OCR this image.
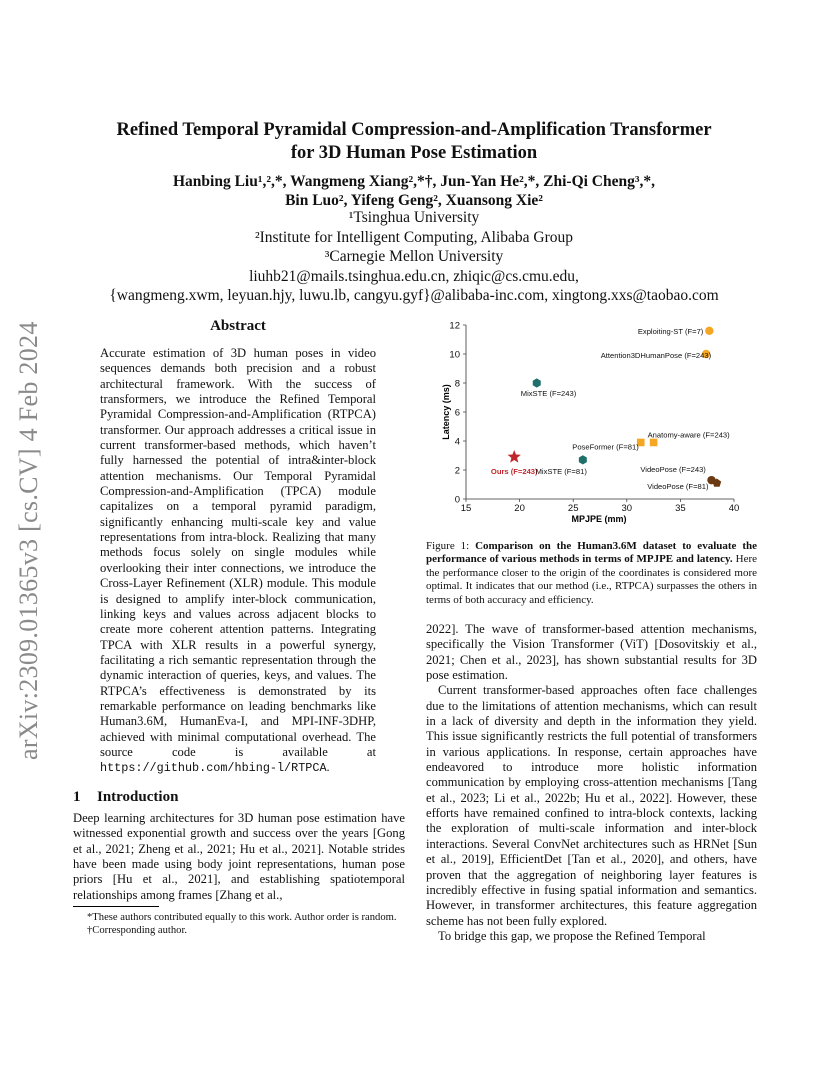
arXiv:2309.01365v3 [cs.CV] 4 Feb 2024
Refined Temporal Pyramidal Compression-and-Amplification Transformer
for 3D Human Pose Estimation
Hanbing Liu¹,²,*, Wangmeng Xiang²,*†, Jun-Yan He²,*, Zhi-Qi Cheng³,*,
Bin Luo², Yifeng Geng², Xuansong Xie²
¹Tsinghua University
²Institute for Intelligent Computing, Alibaba Group
³Carnegie Mellon University
liuhb21@mails.tsinghua.edu.cn, zhiqic@cs.cmu.edu,
{wangmeng.xwm, leyuan.hjy, luwu.lb, cangyu.gyf}@alibaba-inc.com, xingtong.xxs@taobao.com
Abstract
Accurate estimation of 3D human poses in video sequences demands both precision and a robust architectural framework. With the success of transformers, we introduce the Refined Temporal Pyramidal Compression-and-Amplification (RTPCA) transformer. Our approach addresses a critical issue in current transformer-based methods, which haven’t fully harnessed the potential of intra&inter-block attention mechanisms. Our Temporal Pyramidal Compression-and-Amplification (TPCA) module capitalizes on a temporal pyramid paradigm, significantly enhancing multi-scale key and value representations from intra-block. Realizing that many methods focus solely on single modules while overlooking their inter connections, we introduce the Cross-Layer Refinement (XLR) module. This module is designed to amplify inter-block communication, linking keys and values across adjacent blocks to create more coherent attention patterns. Integrating TPCA with XLR results in a powerful synergy, facilitating a rich semantic representation through the dynamic interaction of queries, keys, and values. The RTPCA’s effectiveness is demonstrated by its remarkable performance on leading benchmarks like Human3.6M, HumanEva-I, and MPI-INF-3DHP, achieved with minimal computational overhead. The source code is available at https://github.com/hbing-l/RTPCA.
1 Introduction
Deep learning architectures for 3D human pose estimation have witnessed exponential growth and success over the years [Gong et al., 2021; Zheng et al., 2021; Hu et al., 2021]. Notable strides have been made using body joint representations, human pose priors [Hu et al., 2021], and establishing spatiotemporal relationships among frames [Zhang et al.,

*These authors contributed equally to this work. Author order is random.

†Corresponding author.

15	20	25	30	35	40
0
2
4
6
8
10
12	Exploiting-ST (F=7)
Attention3DHumanPose (F=243)
MixSTE (F=243)
Anatomy-aware (F=243)
PoseFormer (F=81)
Ours (F=243)
MixSTE (F=81)	VideoPose (F=243)
VideoPose (F=81)
MPJPE (mm)
Latency (ms)
Figure 1: Comparison on the Human3.6M dataset to evaluate the performance of various methods in terms of MPJPE and latency. Here the performance closer to the origin of the coordinates is considered more optimal. It indicates that our method (i.e., RTPCA) surpasses the others in terms of both accuracy and efficiency.

2022]. The wave of transformer-based attention mechanisms, specifically the Vision Transformer (ViT) [Dosovitskiy et al., 2021; Chen et al., 2023], has shown substantial results for 3D pose estimation.

Current transformer-based approaches often face challenges due to the limitations of attention mechanisms, which can result in a lack of diversity and depth in the information they yield. This issue significantly restricts the full potential of transformers in various applications. In response, certain approaches have endeavored to introduce more holistic information communication by employing cross-attention mechanisms [Tang et al., 2023; Li et al., 2022b; Hu et al., 2022]. However, these efforts have remained confined to intra-block contexts, lacking the exploration of multi-scale information and inter-block interactions. Several ConvNet architectures such as HRNet [Sun et al., 2019], EfficientDet [Tan et al., 2020], and others, have proven that the aggregation of neighboring layer features is incredibly effective in fusing spatial information and semantics. However, in transformer architectures, this feature aggregation scheme has not been fully explored.

To bridge this gap, we propose the Refined Temporal
